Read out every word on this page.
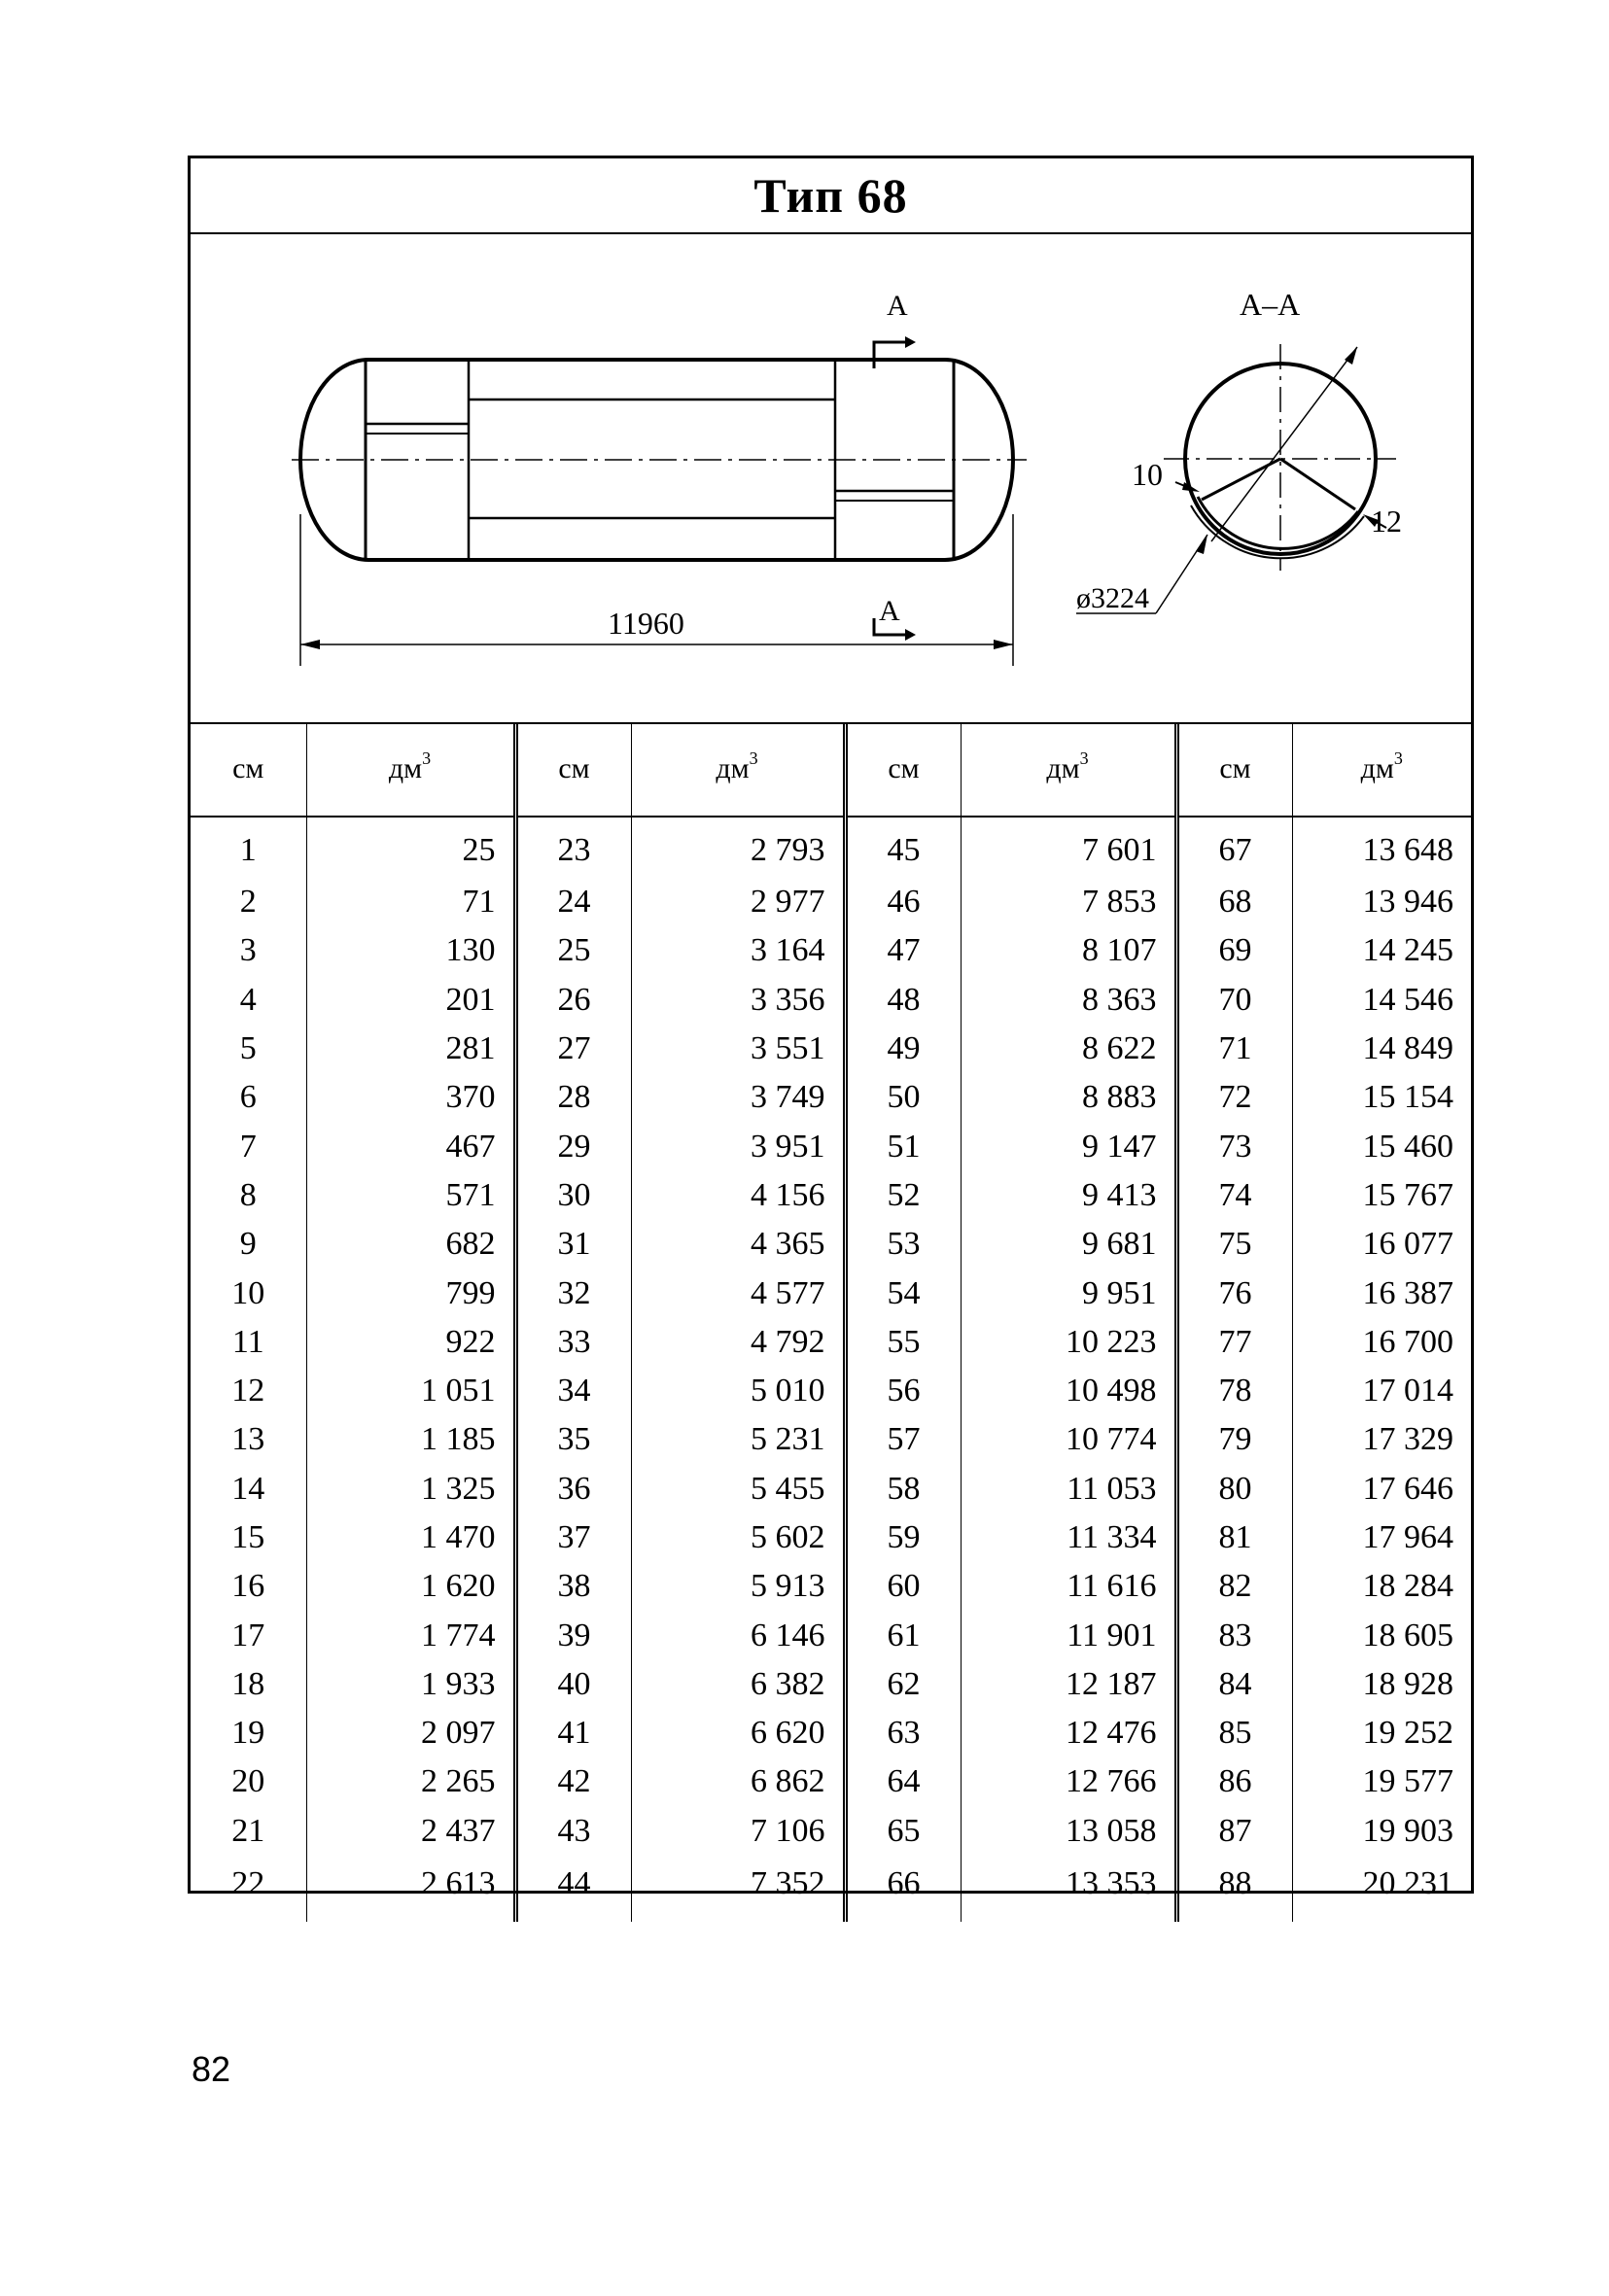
Тип 68
А
А
11960
А–А
10
12
ø3224
см	$дм^3$	см	$дм^3$	см	$дм^3$	см	$дм^3$
1	25	23	2 793	45	7 601	67	13 648
2	71	24	2 977	46	7 853	68	13 946
3	130	25	3 164	47	8 107	69	14 245
4	201	26	3 356	48	8 363	70	14 546
5	281	27	3 551	49	8 622	71	14 849
6	370	28	3 749	50	8 883	72	15 154
7	467	29	3 951	51	9 147	73	15 460
8	571	30	4 156	52	9 413	74	15 767
9	682	31	4 365	53	9 681	75	16 077
10	799	32	4 577	54	9 951	76	16 387
11	922	33	4 792	55	10 223	77	16 700
12	1 051	34	5 010	56	10 498	78	17 014
13	1 185	35	5 231	57	10 774	79	17 329
14	1 325	36	5 455	58	11 053	80	17 646
15	1 470	37	5 602	59	11 334	81	17 964
16	1 620	38	5 913	60	11 616	82	18 284
17	1 774	39	6 146	61	11 901	83	18 605
18	1 933	40	6 382	62	12 187	84	18 928
19	2 097	41	6 620	63	12 476	85	19 252
20	2 265	42	6 862	64	12 766	86	19 577
21	2 437	43	7 106	65	13 058	87	19 903
22	2 613	44	7 352	66	13 353	88	20 231
82
